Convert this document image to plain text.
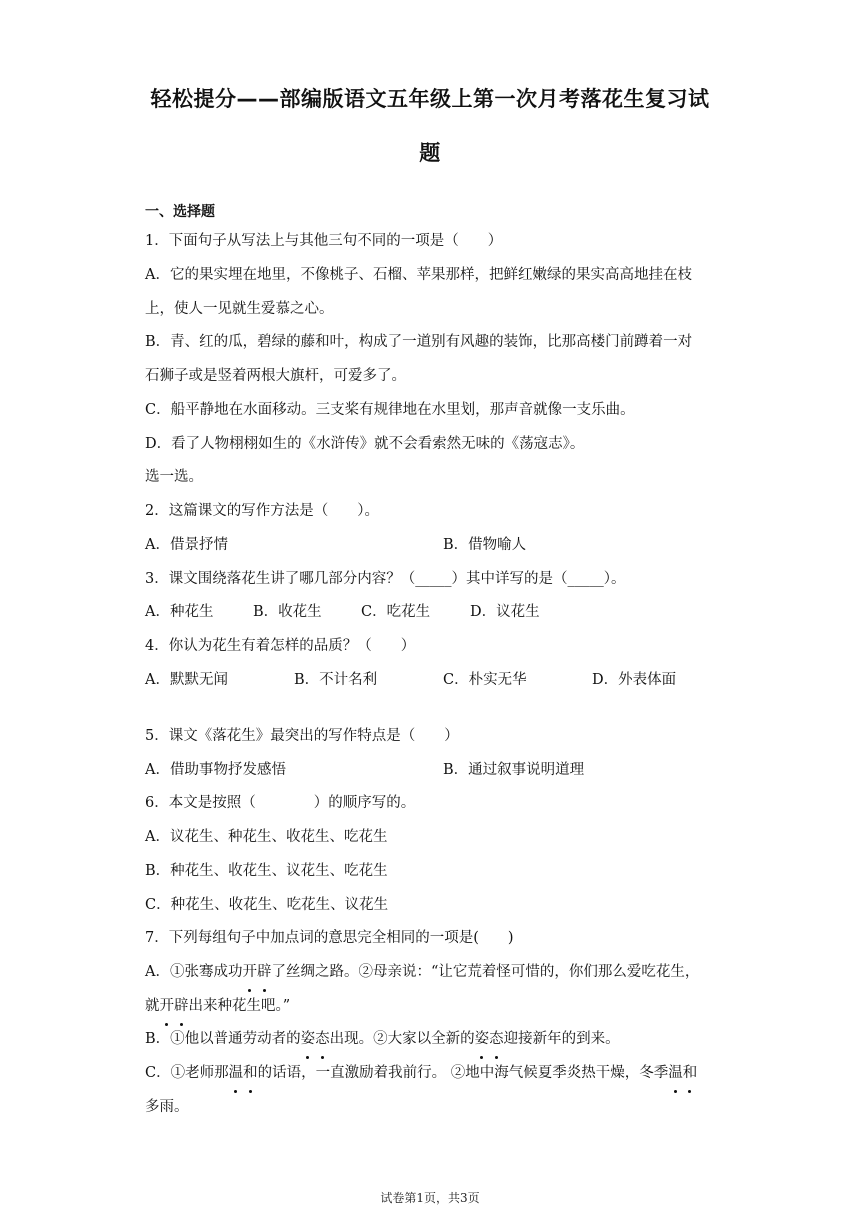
轻松提分——部编版语文五年级上第一次月考落花生复习试
题
一、选择题
1．下面句子从写法上与其他三句不同的一项是（　　）
A．它的果实埋在地里，不像桃子、石榴、苹果那样，把鲜红嫩绿的果实高高地挂在枝
上，使人一见就生爱慕之心。
B．青、红的瓜，碧绿的藤和叶，构成了一道别有风趣的装饰，比那高楼门前蹲着一对
石狮子或是竖着两根大旗杆，可爱多了。
C．船平静地在水面移动。三支桨有规律地在水里划，那声音就像一支乐曲。
D．看了人物栩栩如生的《水浒传》就不会看索然无味的《荡寇志》。
选一选。
2．这篇课文的写作方法是（　　）。
A．借景抒情	B．借物喻人
3．课文围绕落花生讲了哪几部分内容？（_____）其中详写的是（_____）。
A．种花生	B．收花生	C．吃花生	D．议花生
4．你认为花生有着怎样的品质？（　　）
A．默默无闻	B．不计名利	C．朴实无华	D．外表体面
5．课文《落花生》最突出的写作特点是（　　）
A．借助事物抒发感悟	B．通过叙事说明道理
6．本文是按照（　　　　）的顺序写的。
A．议花生、种花生、收花生、吃花生
B．种花生、收花生、议花生、吃花生
C．种花生、收花生、吃花生、议花生
7．下列每组句子中加点词的意思完全相同的一项是(　　)
A．①张骞成功开辟了丝绸之路。②母亲说：“让它荒着怪可惜的，你们那么爱吃花生，
就开辟出来种花生吧。”
B．①他以普通劳动者的姿态出现。②大家以全新的姿态迎接新年的到来。
C．①老师那温和的话语，一直激励着我前行。 ②地中海气候夏季炎热干燥，冬季温和
多雨。
试卷第1页，共3页
